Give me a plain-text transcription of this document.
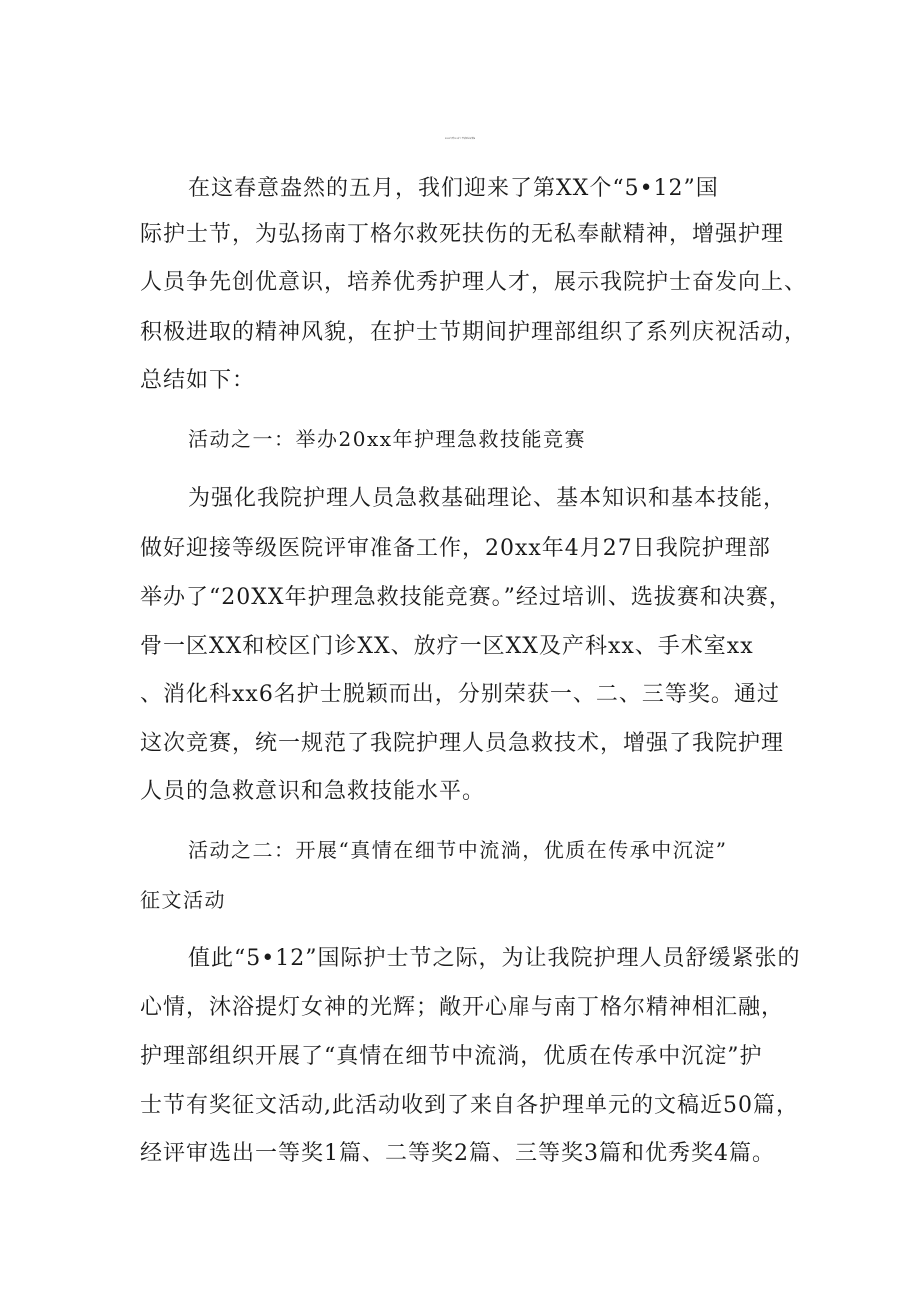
2023年度512护士节活动总结篇8
在这春意盎然的五月，我们迎来了第XX个“5•12”国
际护士节，为弘扬南丁格尔救死扶伤的无私奉献精神，增强护理
人员争先创优意识，培养优秀护理人才，展示我院护士奋发向上、
积极进取的精神风貌，在护士节期间护理部组织了系列庆祝活动，
总结如下：
活动之一：举办20xx年护理急救技能竞赛
为强化我院护理人员急救基础理论、基本知识和基本技能，
做好迎接等级医院评审准备工作，20xx年4月27日我院护理部
举办了“20XX年护理急救技能竞赛。”经过培训、选拔赛和决赛，
骨一区XX和校区门诊XX、放疗一区XX及产科xx、手术室xx
、消化科xx6名护士脱颖而出，分别荣获一、二、三等奖。通过
这次竞赛，统一规范了我院护理人员急救技术，增强了我院护理
人员的急救意识和急救技能水平。
活动之二：开展“真情在细节中流淌，优质在传承中沉淀”
征文活动
值此“5•12”国际护士节之际，为让我院护理人员舒缓紧张的
心情，沐浴提灯女神的光辉；敞开心扉与南丁格尔精神相汇融，
护理部组织开展了“真情在细节中流淌，优质在传承中沉淀”护
士节有奖征文活动,此活动收到了来自各护理单元的文稿近50篇，
经评审选出一等奖1篇、二等奖2篇、三等奖3篇和优秀奖4篇。
